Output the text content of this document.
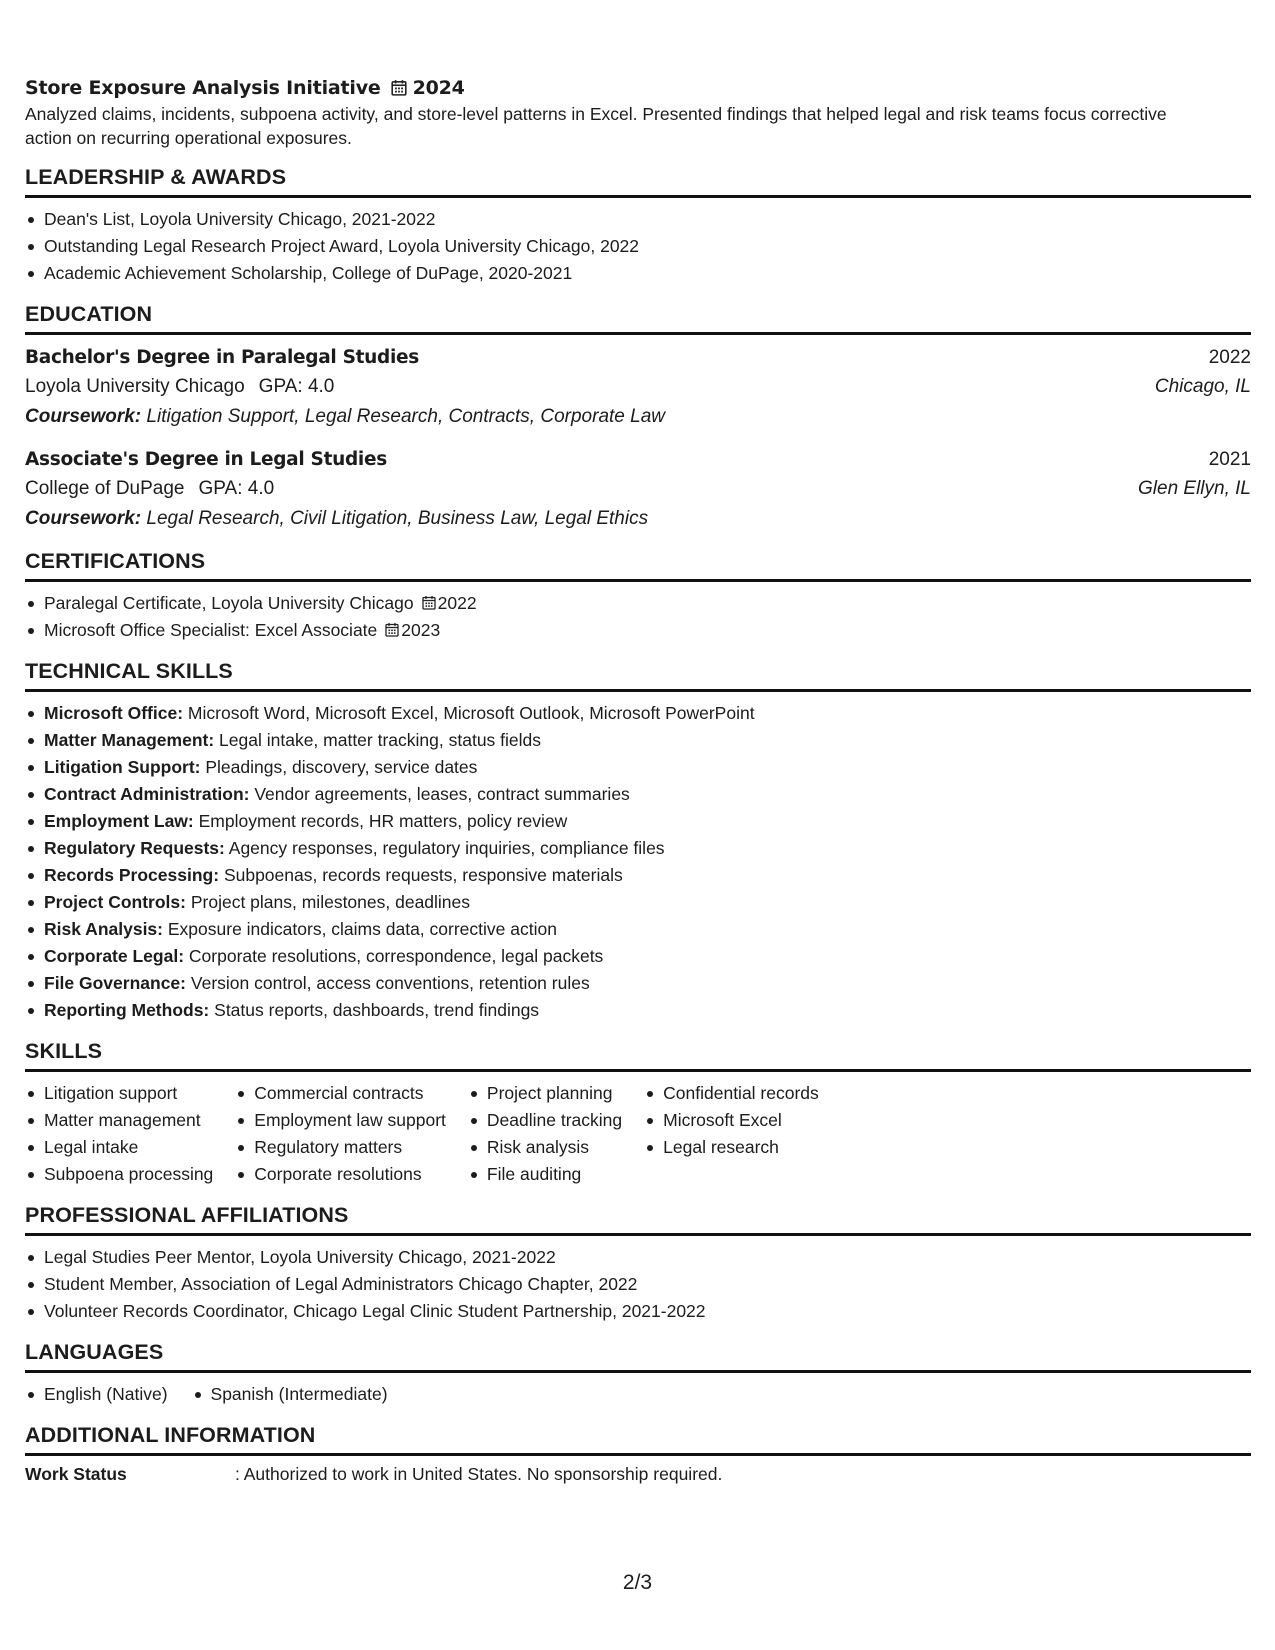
Store Exposure Analysis Initiative 2024
Analyzed claims, incidents, subpoena activity, and store-level patterns in Excel. Presented findings that helped legal and risk teams focus corrective action on recurring operational exposures.
LEADERSHIP & AWARDS
Dean's List, Loyola University Chicago, 2021-2022
Outstanding Legal Research Project Award, Loyola University Chicago, 2022
Academic Achievement Scholarship, College of DuPage, 2020-2021
EDUCATION
Bachelor's Degree in Paralegal Studies	2022
Loyola University Chicago GPA: 4.0	Chicago, IL
Coursework: Litigation Support, Legal Research, Contracts, Corporate Law
Associate's Degree in Legal Studies	2021
College of DuPage GPA: 4.0	Glen Ellyn, IL
Coursework: Legal Research, Civil Litigation, Business Law, Legal Ethics
CERTIFICATIONS
Paralegal Certificate, Loyola University Chicago 2022
Microsoft Office Specialist: Excel Associate 2023
TECHNICAL SKILLS
Microsoft Office: Microsoft Word, Microsoft Excel, Microsoft Outlook, Microsoft PowerPoint
Matter Management: Legal intake, matter tracking, status fields
Litigation Support: Pleadings, discovery, service dates
Contract Administration: Vendor agreements, leases, contract summaries
Employment Law: Employment records, HR matters, policy review
Regulatory Requests: Agency responses, regulatory inquiries, compliance files
Records Processing: Subpoenas, records requests, responsive materials
Project Controls: Project plans, milestones, deadlines
Risk Analysis: Exposure indicators, claims data, corrective action
Corporate Legal: Corporate resolutions, correspondence, legal packets
File Governance: Version control, access conventions, retention rules
Reporting Methods: Status reports, dashboards, trend findings
SKILLS
Litigation support
Matter management
Legal intake
Subpoena processing
Commercial contracts
Employment law support
Regulatory matters
Corporate resolutions
Project planning
Deadline tracking
Risk analysis
File auditing
Confidential records
Microsoft Excel
Legal research
PROFESSIONAL AFFILIATIONS
Legal Studies Peer Mentor, Loyola University Chicago, 2021-2022
Student Member, Association of Legal Administrators Chicago Chapter, 2022
Volunteer Records Coordinator, Chicago Legal Clinic Student Partnership, 2021-2022
LANGUAGES
English (Native)	Spanish (Intermediate)
ADDITIONAL INFORMATION
Work Status	: Authorized to work in United States. No sponsorship required.
2/3
